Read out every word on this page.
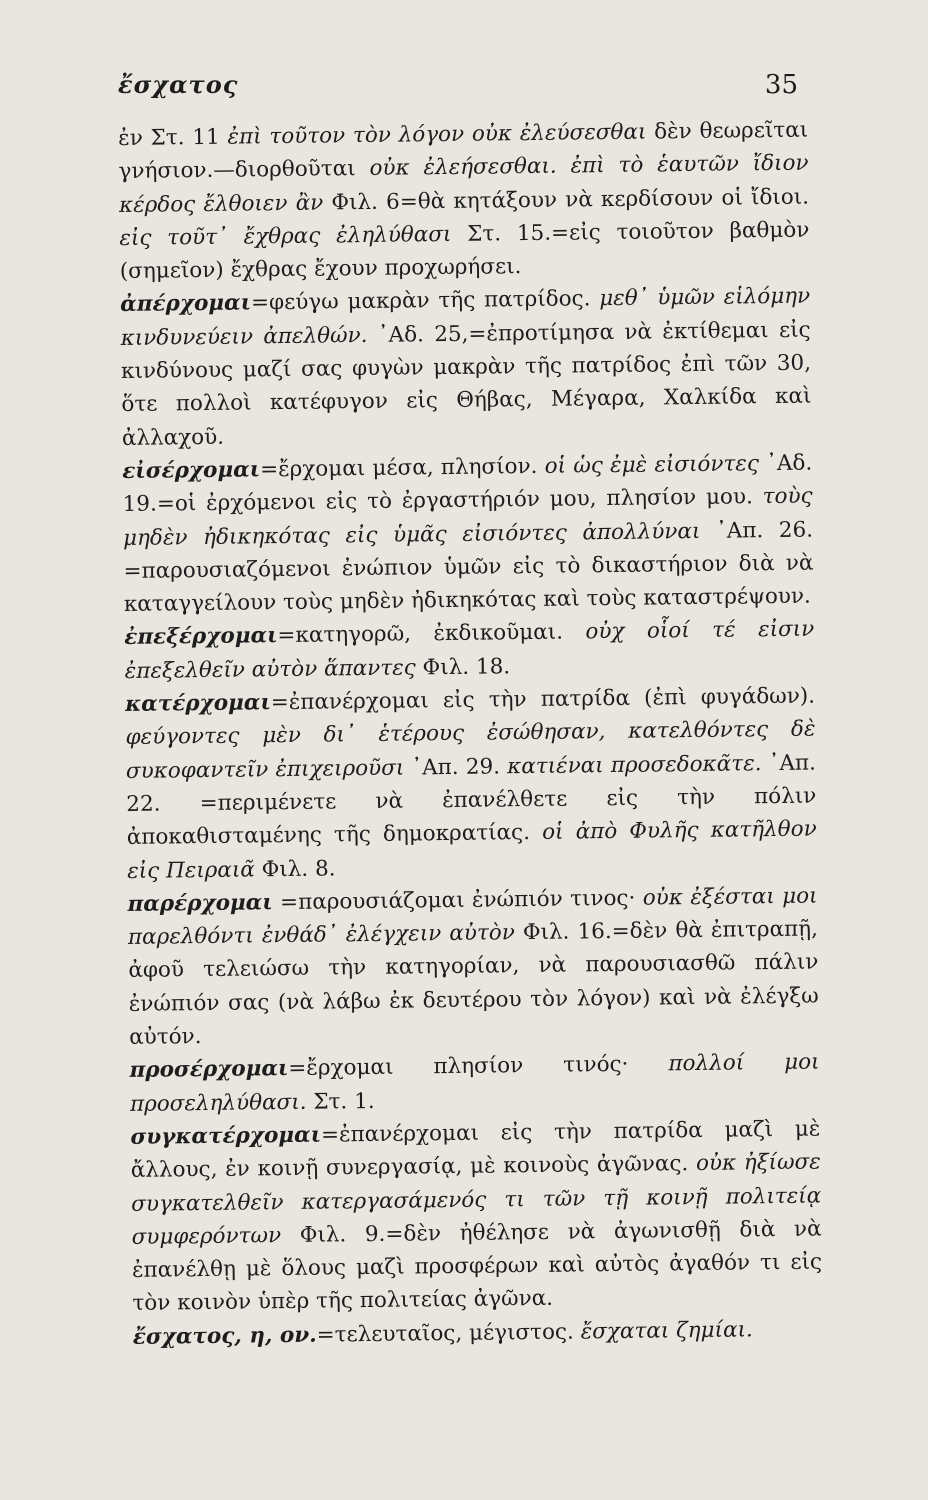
ἔσχατος	35

ἐν Στ. 11 ἐπὶ τοῦτον τὸν λόγον οὐκ ἐλεύσεσθαι δὲν θεωρεῖται γνήσιον.—διορθοῦται οὐκ ἐλεήσεσθαι. ἐπὶ τὸ ἑαυτῶν ἴδιον κέρδος ἔλθοιεν ἂν Φιλ. 6=θὰ κητάξουν νὰ κερδίσουν οἱ ἴδιοι. εἰς τοῦτ᾽ ἔχθρας ἐληλύθασι Στ. 15.=εἰς τοιοῦτον βαθμὸν (σημεῖον) ἔχθρας ἔχουν προχωρήσει.

ἀπέρχομαι=φεύγω μακρὰν τῆς πατρίδος. μεθ᾽ ὑμῶν εἱλόμην κινδυνεύειν ἀπελθών. ᾽Αδ. 25,=ἐπροτίμησα νὰ ἐκτίθεμαι εἰς κινδύνους μαζί σας φυγὼν μακρὰν τῆς πατρίδος ἐπὶ τῶν 30, ὅτε πολλοὶ κατέφυγον εἰς Θήβας, Μέγαρα, Χαλκίδα καὶ ἀλλαχοῦ.

εἰσέρχομαι=ἔρχομαι μέσα, πλησίον. οἱ ὡς ἐμὲ εἰσιόντες ᾽Αδ. 19.=οἱ ἐρχόμενοι εἰς τὸ ἐργαστήριόν μου, πλησίον μου. τοὺς μηδὲν ἠδικηκότας εἰς ὑμᾶς εἰσιόντες ἀπολλύναι ᾽Απ. 26. =παρουσιαζόμενοι ἐνώπιον ὑμῶν εἰς τὸ δικαστήριον διὰ νὰ καταγγείλουν τοὺς μηδὲν ἠδικηκότας καὶ τοὺς καταστρέψουν.

ἐπεξέρχομαι=κατηγορῶ, ἐκδικοῦμαι. οὐχ οἷοί τέ εἰσιν ἐπεξελθεῖν αὐτὸν ἅπαντες Φιλ. 18.

κατέρχομαι=ἐπανέρχομαι εἰς τὴν πατρίδα (ἐπὶ φυγάδων). φεύγοντες μὲν δι᾽ ἑτέρους ἐσώθησαν, κατελθόντες δὲ συκοφαντεῖν ἐπιχειροῦσι ᾽Απ. 29. κατιέναι προσεδοκᾶτε. ᾽Απ. 22. =περιμένετε νὰ ἐπανέλθετε εἰς τὴν πόλιν ἀποκαθισταμένης τῆς δημοκρατίας. οἱ ἀπὸ Φυλῆς κατῆλθον εἰς Πειραιᾶ Φιλ. 8.

παρέρχομαι =παρουσιάζομαι ἐνώπιόν τινος· οὐκ ἐξέσται μοι παρελθόντι ἐνθάδ᾽ ἐλέγχειν αὐτὸν Φιλ. 16.=δὲν θὰ ἐπιτραπῇ, ἀφοῦ τελειώσω τὴν κατηγορίαν, νὰ παρουσιασθῶ πάλιν ἐνώπιόν σας (νὰ λάβω ἐκ δευτέρου τὸν λόγον) καὶ νὰ ἐλέγξω αὐτόν.

προσέρχομαι=ἔρχομαι πλησίον τινός· πολλοί μοι προσεληλύθασι. Στ. 1.

συγκατέρχομαι=ἐπανέρχομαι εἰς τὴν πατρίδα μαζὶ μὲ ἄλλους, ἐν κοινῇ συνεργασίᾳ, μὲ κοινοὺς ἀγῶνας. οὐκ ἠξίωσε συγκατελθεῖν κατεργασάμενός τι τῶν τῇ κοινῇ πολιτείᾳ συμφερόντων Φιλ. 9.=δὲν ἠθέλησε νὰ ἀγωνισθῇ διὰ νὰ ἐπανέλθῃ μὲ ὅλους μαζὶ προσφέρων καὶ αὐτὸς ἀγαθόν τι εἰς τὸν κοινὸν ὑπὲρ τῆς πολιτείας ἀγῶνα.

ἔσχατος, η, ον.=τελευταῖος, μέγιστος. ἔσχαται ζημίαι.
